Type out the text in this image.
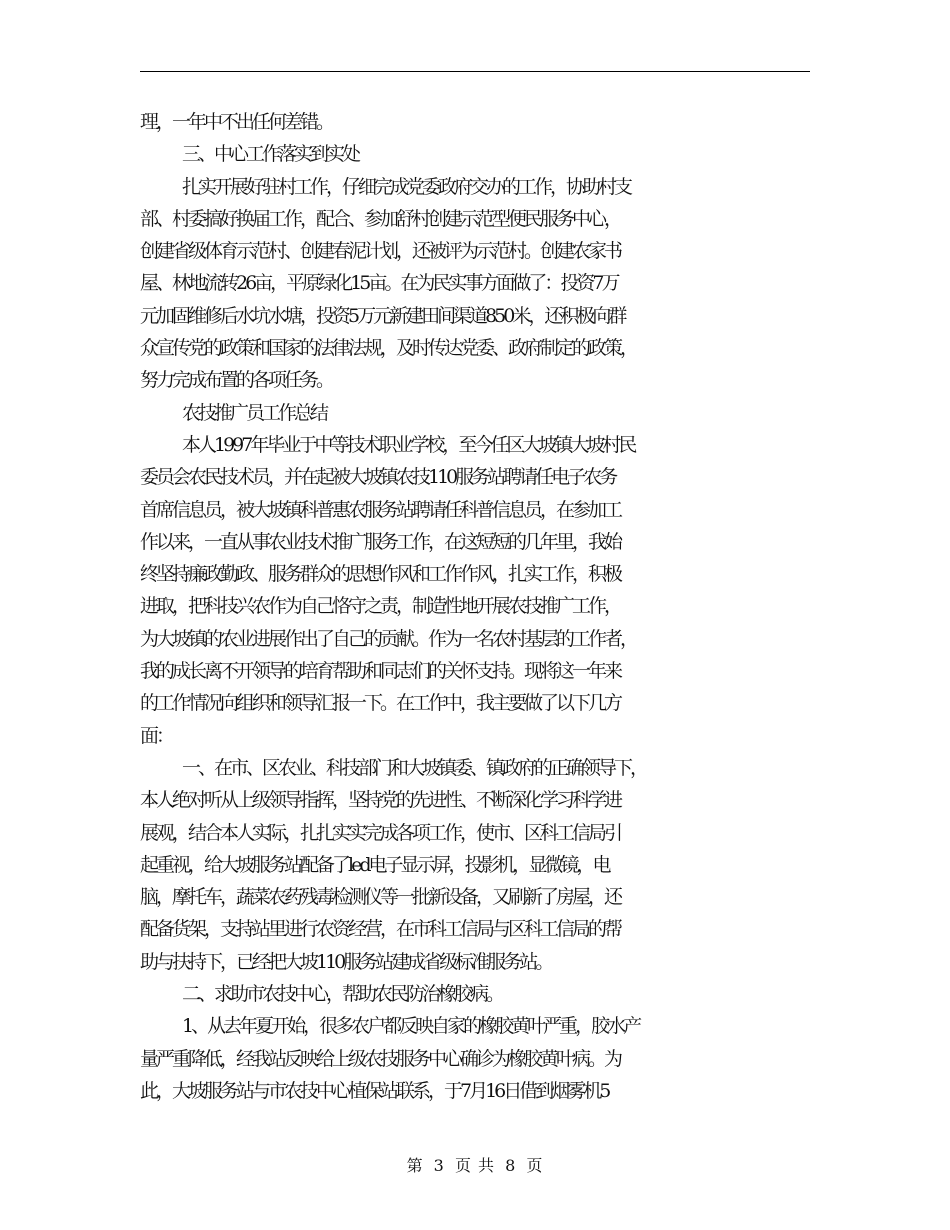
理，一年中不出任何差错。
三、中心工作落实到实处
扎实开展好驻村工作，仔细完成党委政府交办的工作，协助村支
部、村委搞好换届工作，配合、参加舒村创建示范型便民服务中心，
创建省级体育示范村、创建春泥计划，还被评为示范村。创建农家书
屋、林地流转26亩，平原绿化15亩。在为民实事方面做了：投资7万
元加固维修后水坑水塘，投资5万元新建田间渠道850米，还积极向群
众宣传党的政策和国家的法律法规，及时传达党委、政府制定的政策，
努力完成布置的各项任务。
农技推广员工作总结
本人1997年毕业于中等技术职业学校，至今任区大坡镇大坡村民
委员会农民技术员，并在起被大坡镇农技110服务站聘请任电子农务
首席信息员，被大坡镇科普惠农服务站聘请任科普信息员，在参加工
作以来，一直从事农业技术推广服务工作，在这短短的几年里，我始
终坚持廉政勤政、服务群众的思想作风和工作作风，扎实工作，积极
进取，把科技兴农作为自己恪守之责，制造性地开展农技推广工作，
为大坡镇的农业进展作出了自己的贡献。作为一名农村基层的工作者，
我的成长离不开领导的培育帮助和同志们的关怀支持。现将这一年来
的工作情况向组织和领导汇报一下。在工作中，我主要做了以下几方
面：
一、在市、区农业、科技部门和大坡镇委、镇政府的正确领导下，
本人绝对听从上级领导指挥，坚持党的先进性、不断深化学习科学进
展观，结合本人实际，扎扎实实完成各项工作，使市、区科工信局引
起重视，给大坡服务站配备了led电子显示屏，投影机，显微镜，电
脑，摩托车，蔬菜农药残毒检测仪等一批新设备，又刷新了房屋，还
配备货架，支持站里进行农资经营，在市科工信局与区科工信局的帮
助与扶持下，已经把大坡110服务站建成省级标准服务站。
二、求助市农技中心，帮助农民防治橡胶病。
1、从去年夏开始，很多农户都反映自家的橡胶黄叶严重，胶水产
量严重降低，经我站反映给上级农技服务中心确诊为橡胶黄叶病。为
此，大坡服务站与市农技中心植保站联系，于7月16日借到烟雾机5
第 3 页 共 8 页
